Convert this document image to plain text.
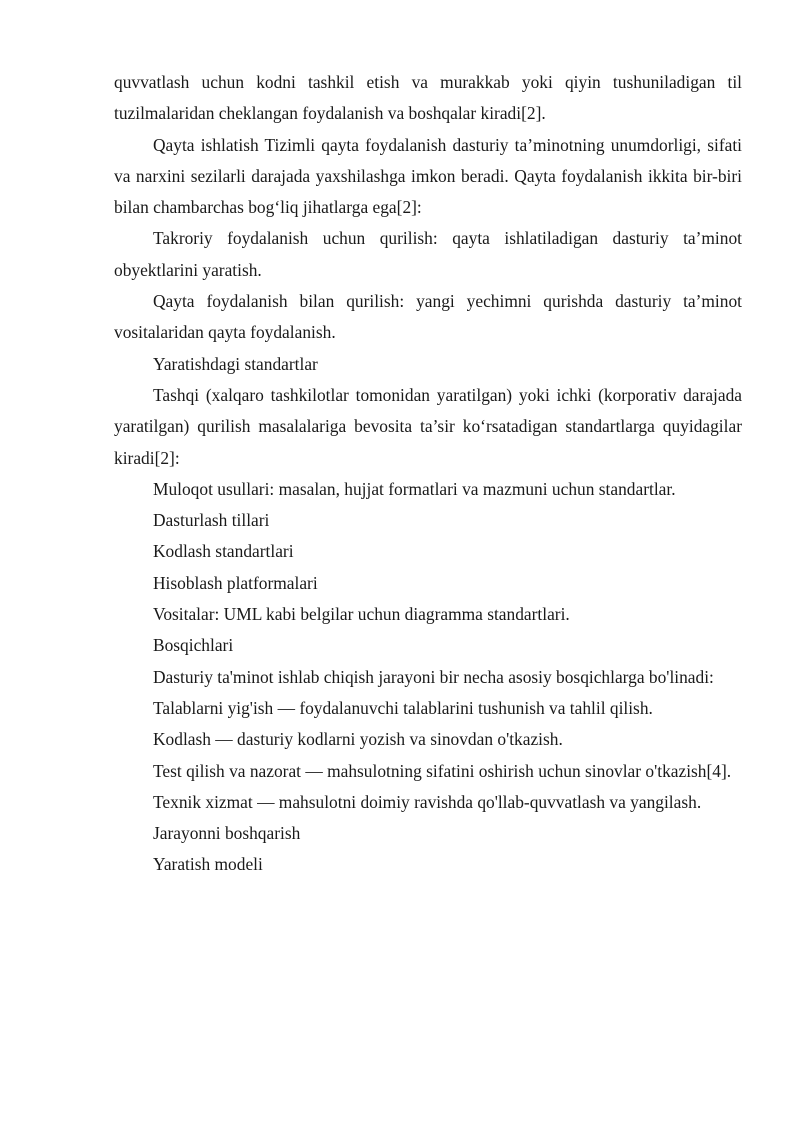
quvvatlash uchun kodni tashkil etish va murakkab yoki qiyin tushuniladigan til tuzilmalaridan cheklangan foydalanish va boshqalar kiradi[2].

Qayta ishlatish Tizimli qayta foydalanish dasturiy ta’minotning unumdorligi, sifati va narxini sezilarli darajada yaxshilashga imkon beradi. Qayta foydalanish ikkita bir-biri bilan chambarchas bog‘liq jihatlarga ega[2]:

Takroriy foydalanish uchun qurilish: qayta ishlatiladigan dasturiy ta’minot obyektlarini yaratish.

Qayta foydalanish bilan qurilish: yangi yechimni qurishda dasturiy ta’minot vositalaridan qayta foydalanish.

Yaratishdagi standartlar

Tashqi (xalqaro tashkilotlar tomonidan yaratilgan) yoki ichki (korporativ darajada yaratilgan) qurilish masalalariga bevosita ta’sir ko‘rsatadigan standartlarga quyidagilar kiradi[2]:

Muloqot usullari: masalan, hujjat formatlari va mazmuni uchun standartlar.

Dasturlash tillari

Kodlash standartlari

Hisoblash platformalari

Vositalar: UML kabi belgilar uchun diagramma standartlari.

Bosqichlari

Dasturiy ta'minot ishlab chiqish jarayoni bir necha asosiy bosqichlarga bo'linadi:

Talablarni yig'ish — foydalanuvchi talablarini tushunish va tahlil qilish.

Kodlash — dasturiy kodlarni yozish va sinovdan o'tkazish.

Test qilish va nazorat — mahsulotning sifatini oshirish uchun sinovlar o'tkazish[4].

Texnik xizmat — mahsulotni doimiy ravishda qo'llab-quvvatlash va yangilash.

Jarayonni boshqarish

Yaratish modeli
